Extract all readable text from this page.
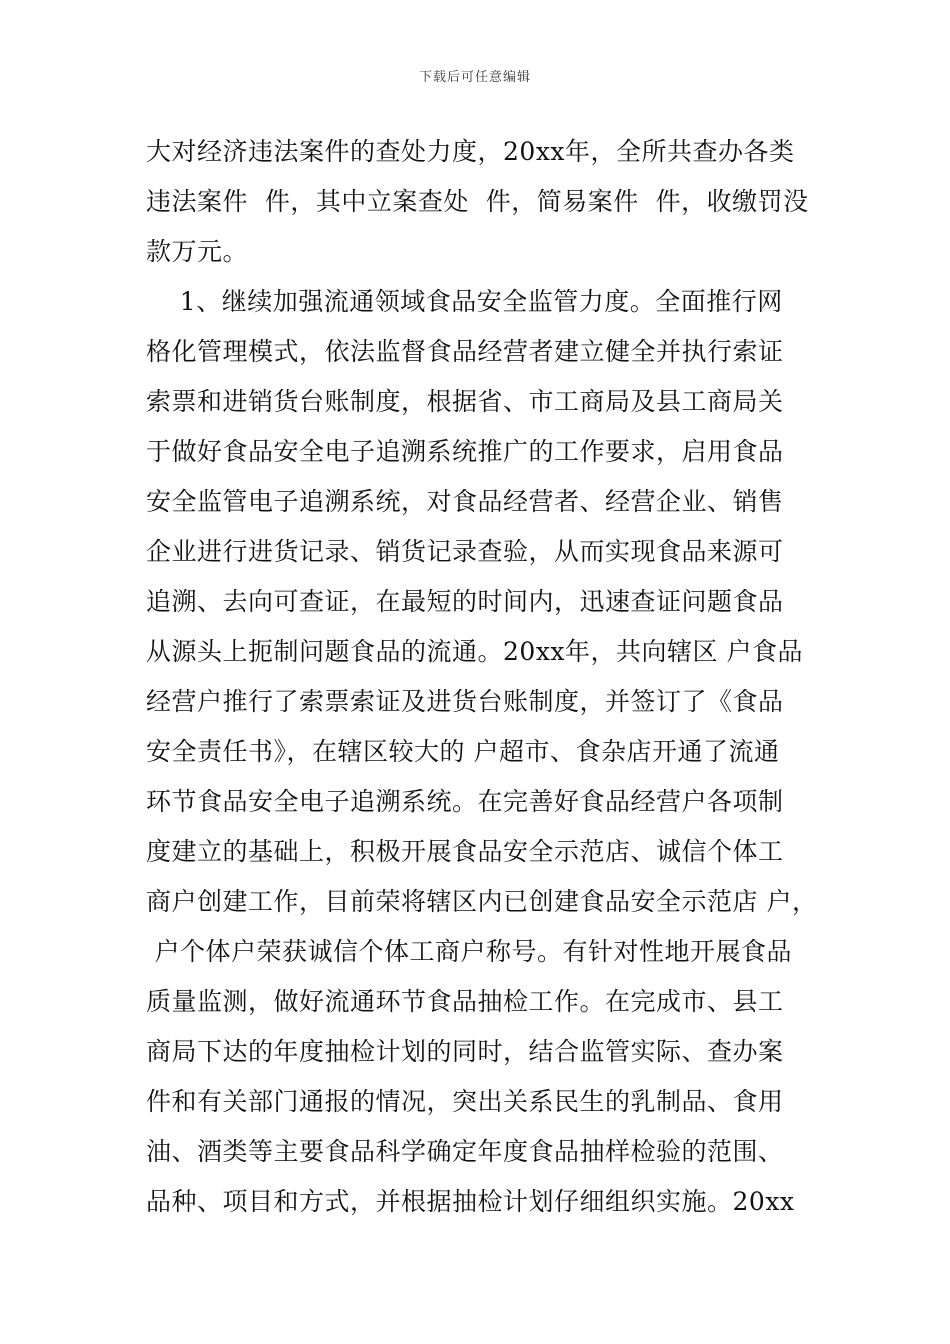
下载后可任意编辑
大对经济违法案件的查处力度，20xx年，全所共查办各类
违法案件  件，其中立案查处  件，简易案件  件，收缴罚没
款万元。
1、继续加强流通领域食品安全监管力度。全面推行网
格化管理模式，依法监督食品经营者建立健全并执行索证
索票和进销货台账制度，根据省、市工商局及县工商局关
于做好食品安全电子追溯系统推广的工作要求，启用食品
安全监管电子追溯系统，对食品经营者、经营企业、销售
企业进行进货记录、销货记录查验，从而实现食品来源可
追溯、去向可查证，在最短的时间内，迅速查证问题食品
从源头上扼制问题食品的流通。20xx年，共向辖区 户食品
经营户推行了索票索证及进货台账制度，并签订了《食品
安全责任书》，在辖区较大的 户超市、食杂店开通了流通
环节食品安全电子追溯系统。在完善好食品经营户各项制
度建立的基础上，积极开展食品安全示范店、诚信个体工
商户创建工作，目前荣将辖区内已创建食品安全示范店 户，
户个体户荣获诚信个体工商户称号。有针对性地开展食品
质量监测，做好流通环节食品抽检工作。在完成市、县工
商局下达的年度抽检计划的同时，结合监管实际、查办案
件和有关部门通报的情况，突出关系民生的乳制品、食用
油、酒类等主要食品科学确定年度食品抽样检验的范围、
品种、项目和方式，并根据抽检计划仔细组织实施。20xx
